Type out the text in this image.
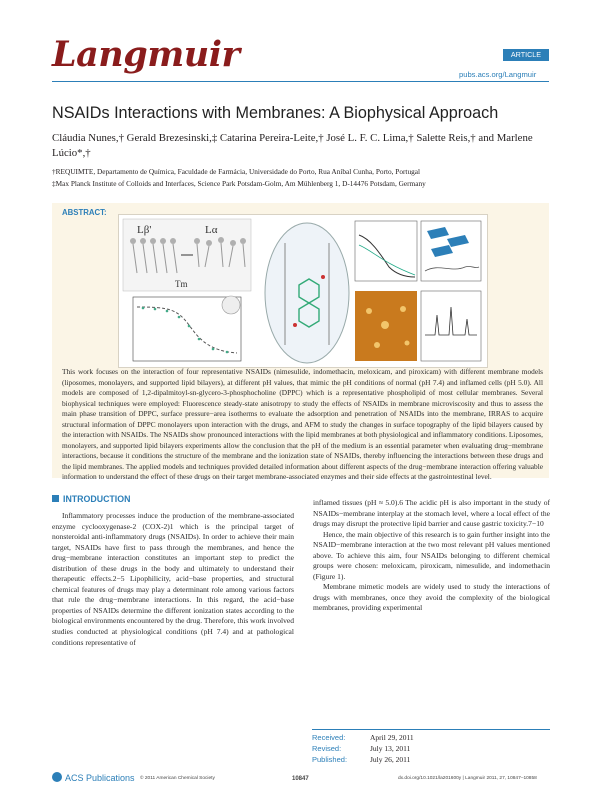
Langmuir	ARTICLE
pubs.acs.org/Langmuir
NSAIDs Interactions with Membranes: A Biophysical Approach
Cláudia Nunes,† Gerald Brezesinski,‡ Catarina Pereira-Leite,† José L. F. C. Lima,† Salette Reis,† and Marlene Lúcio*,†
†REQUIMTE, Departamento de Química, Faculdade de Farmácia, Universidade do Porto, Rua Aníbal Cunha, Porto, Portugal
‡Max Planck Institute of Colloids and Interfaces, Science Park Potsdam-Golm, Am Mühlenberg 1, D-14476 Potsdam, Germany
ABSTRACT:
Lβ'	Lα
Tm
This work focuses on the interaction of four representative NSAIDs (nimesulide, indomethacin, meloxicam, and piroxicam) with different membrane models (liposomes, monolayers, and supported lipid bilayers), at different pH values, that mimic the pH conditions of normal (pH 7.4) and inflamed cells (pH 5.0). All models are composed of 1,2-dipalmitoyl-sn-glycero-3-phosphocholine (DPPC) which is a representative phospholipid of most cellular membranes. Several biophysical techniques were employed: Fluorescence steady-state anisotropy to study the effects of NSAIDs in membrane microviscosity and thus to assess the main phase transition of DPPC, surface pressure−area isotherms to evaluate the adsorption and penetration of NSAIDs into the membrane, IRRAS to acquire structural information of DPPC monolayers upon interaction with the drugs, and AFM to study the changes in surface topography of the lipid bilayers caused by the interaction with NSAIDs. The NSAIDs show pronounced interactions with the lipid membranes at both physiological and inflammatory conditions. Liposomes, monolayers, and supported lipid bilayers experiments allow the conclusion that the pH of the medium is an essential parameter when evaluating drug−membrane interactions, because it conditions the structure of the membrane and the ionization state of NSAIDs, thereby influencing the interactions between these drugs and the lipid membranes. The applied models and techniques provided detailed information about different aspects of the drug−membrane interaction offering valuable information to understand the effect of these drugs on their target membrane-associated enzymes and their side effects at the gastrointestinal level.
INTRODUCTION
Inflammatory processes induce the production of the membrane-associated enzyme cyclooxygenase-2 (COX-2)1 which is the principal target of nonsteroidal anti-inflammatory drugs (NSAIDs). In order to achieve their main target, NSAIDs have first to pass through the membranes, and hence the drug−membrane interaction constitutes an important step to predict the distribution of these drugs in the body and ultimately to understand their therapeutic effects.2−5 Lipophilicity, acid−base properties, and structural chemical features of drugs may play a determinant role among various factors that rule the drug−membrane interactions. In this regard, the acid−base properties of NSAIDs determine the different ionization states according to the biological environments encountered by the drug. Therefore, this work involved studies conducted at physiological conditions (pH 7.4) and at pathological conditions representative of

inflamed tissues (pH ≈ 5.0).6 The acidic pH is also important in the study of NSAIDs−membrane interplay at the stomach level, where a local effect of the drugs may disrupt the protective lipid barrier and cause gastric toxicity.7−10

Hence, the main objective of this research is to gain further insight into the NSAID−membrane interaction at the two most relevant pH values mentioned above. To achieve this aim, four NSAIDs belonging to different chemical groups were chosen: meloxicam, piroxicam, nimesulide, and indomethacin (Figure 1).

Membrane mimetic models are widely used to study the interactions of drugs with membranes, once they avoid the complexity of the biological membranes, providing experimental

Received:	April 29, 2011
Revised:	July 13, 2011
Published:	July 26, 2011
ACS Publications © 2011 American Chemical Society	10847	dx.doi.org/10.1021/la201600y | Langmuir 2011, 27, 10847–10858
